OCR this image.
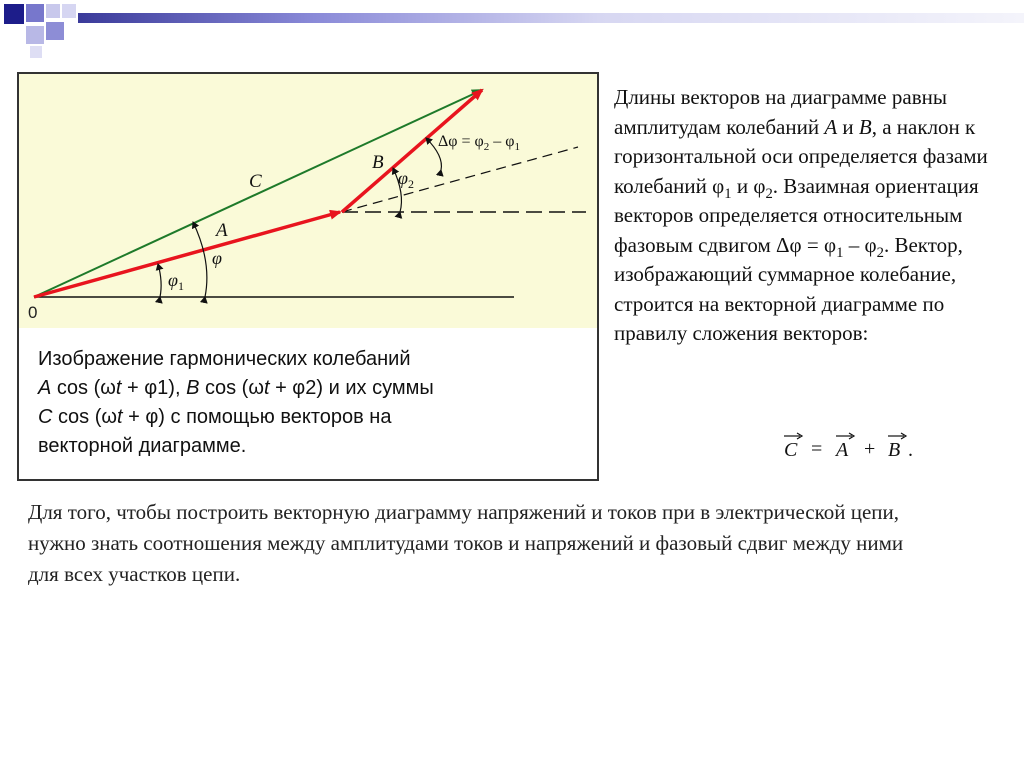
0
C
A
B
$\varphi_1$
φ
$\varphi_2$
$\Delta\varphi = \varphi_2 - \varphi_1$
Изображение гармонических колебаний
A cos (ωt + φ1), B cos (ωt + φ2) и их суммы
C cos (ωt + φ) с помощью векторов на
векторной диаграмме.
Длины векторов на диаграмме равны амплитудам колебаний A и B, а наклон к горизонтальной оси определяется фазами колебаний $\varphi_1$ и $\varphi_2$. Взаимная ориентация векторов определяется относительным фазовым сдвигом $\Delta\varphi = \varphi_1 - \varphi_2$. Вектор, изображающий суммарное колебание, строится на векторной диаграмме по правилу сложения векторов:
C = A + B .
Для того, чтобы построить векторную диаграмму напряжений и токов при в электрической цепи, нужно знать соотношения между амплитудами токов и напряжений и фазовый сдвиг между ними для всех участков цепи.
